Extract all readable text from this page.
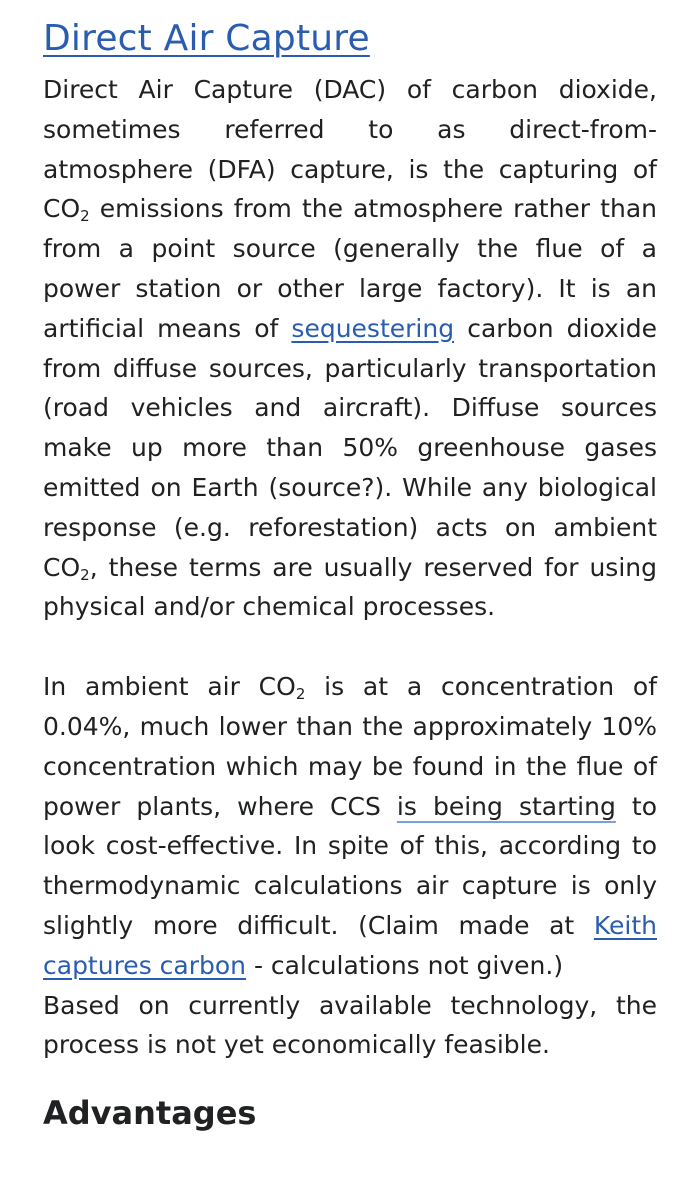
Direct Air Capture

Direct Air Capture (DAC) of carbon dioxide, sometimes referred to as direct-from-atmosphere (DFA) capture, is the capturing of $CO_2$ emissions from the atmosphere rather than from a point source (generally the flue of a power station or other large factory). It is an artificial means of sequestering carbon dioxide from diffuse sources, particularly transportation (road vehicles and aircraft). Diffuse sources make up more than 50% greenhouse gases emitted on Earth (source?). While any biological response (e.g. reforestation) acts on ambient $CO_2$, these terms are usually reserved for using physical and/or chemical processes.

In ambient air $CO_2$ is at a concentration of 0.04%, much lower than the approximately 10% concentration which may be found in the flue of power plants, where CCS is being starting to look cost-effective. In spite of this, according to thermodynamic calculations air capture is only slightly more difficult. (Claim made at Keith captures carbon - calculations not given.)

Based on currently available technology, the process is not yet economically feasible.

Advantages
